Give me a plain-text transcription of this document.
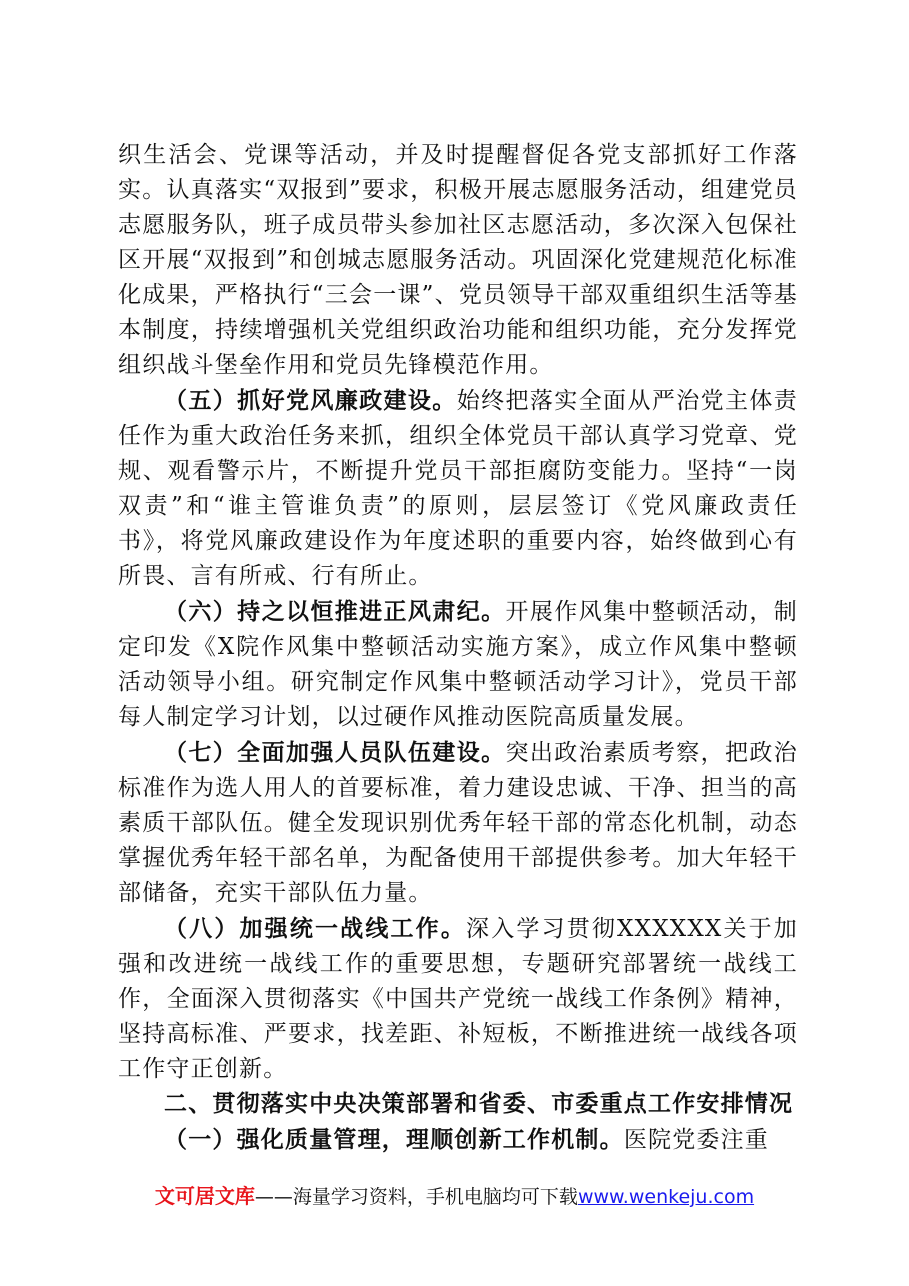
织生活会、党课等活动，并及时提醒督促各党支部抓好工作落实。认真落实“双报到”要求，积极开展志愿服务活动，组建党员志愿服务队，班子成员带头参加社区志愿活动，多次深入包保社区开展“双报到”和创城志愿服务活动。巩固深化党建规范化标准化成果，严格执行“三会一课”、党员领导干部双重组织生活等基本制度，持续增强机关党组织政治功能和组织功能，充分发挥党组织战斗堡垒作用和党员先锋模范作用。

（五）抓好党风廉政建设。始终把落实全面从严治党主体责任作为重大政治任务来抓，组织全体党员干部认真学习党章、党规、观看警示片，不断提升党员干部拒腐防变能力。坚持“一岗双责”和“谁主管谁负责”的原则，层层签订《党风廉政责任书》，将党风廉政建设作为年度述职的重要内容，始终做到心有所畏、言有所戒、行有所止。

（六）持之以恒推进正风肃纪。开展作风集中整顿活动，制定印发《X院作风集中整顿活动实施方案》，成立作风集中整顿活动领导小组。研究制定作风集中整顿活动学习计》，党员干部每人制定学习计划，以过硬作风推动医院高质量发展。

（七）全面加强人员队伍建设。突出政治素质考察，把政治标准作为选人用人的首要标准，着力建设忠诚、干净、担当的高素质干部队伍。健全发现识别优秀年轻干部的常态化机制，动态掌握优秀年轻干部名单，为配备使用干部提供参考。加大年轻干部储备，充实干部队伍力量。

（八）加强统一战线工作。深入学习贯彻XXXXXX关于加强和改进统一战线工作的重要思想，专题研究部署统一战线工作，全面深入贯彻落实《中国共产党统一战线工作条例》精神，坚持高标准、严要求，找差距、补短板，不断推进统一战线各项工作守正创新。

二、贯彻落实中央决策部署和省委、市委重点工作安排情况

（一）强化质量管理，理顺创新工作机制。医院党委注重

文可居文库——海量学习资料，手机电脑均可下载www.wenkeju.com
